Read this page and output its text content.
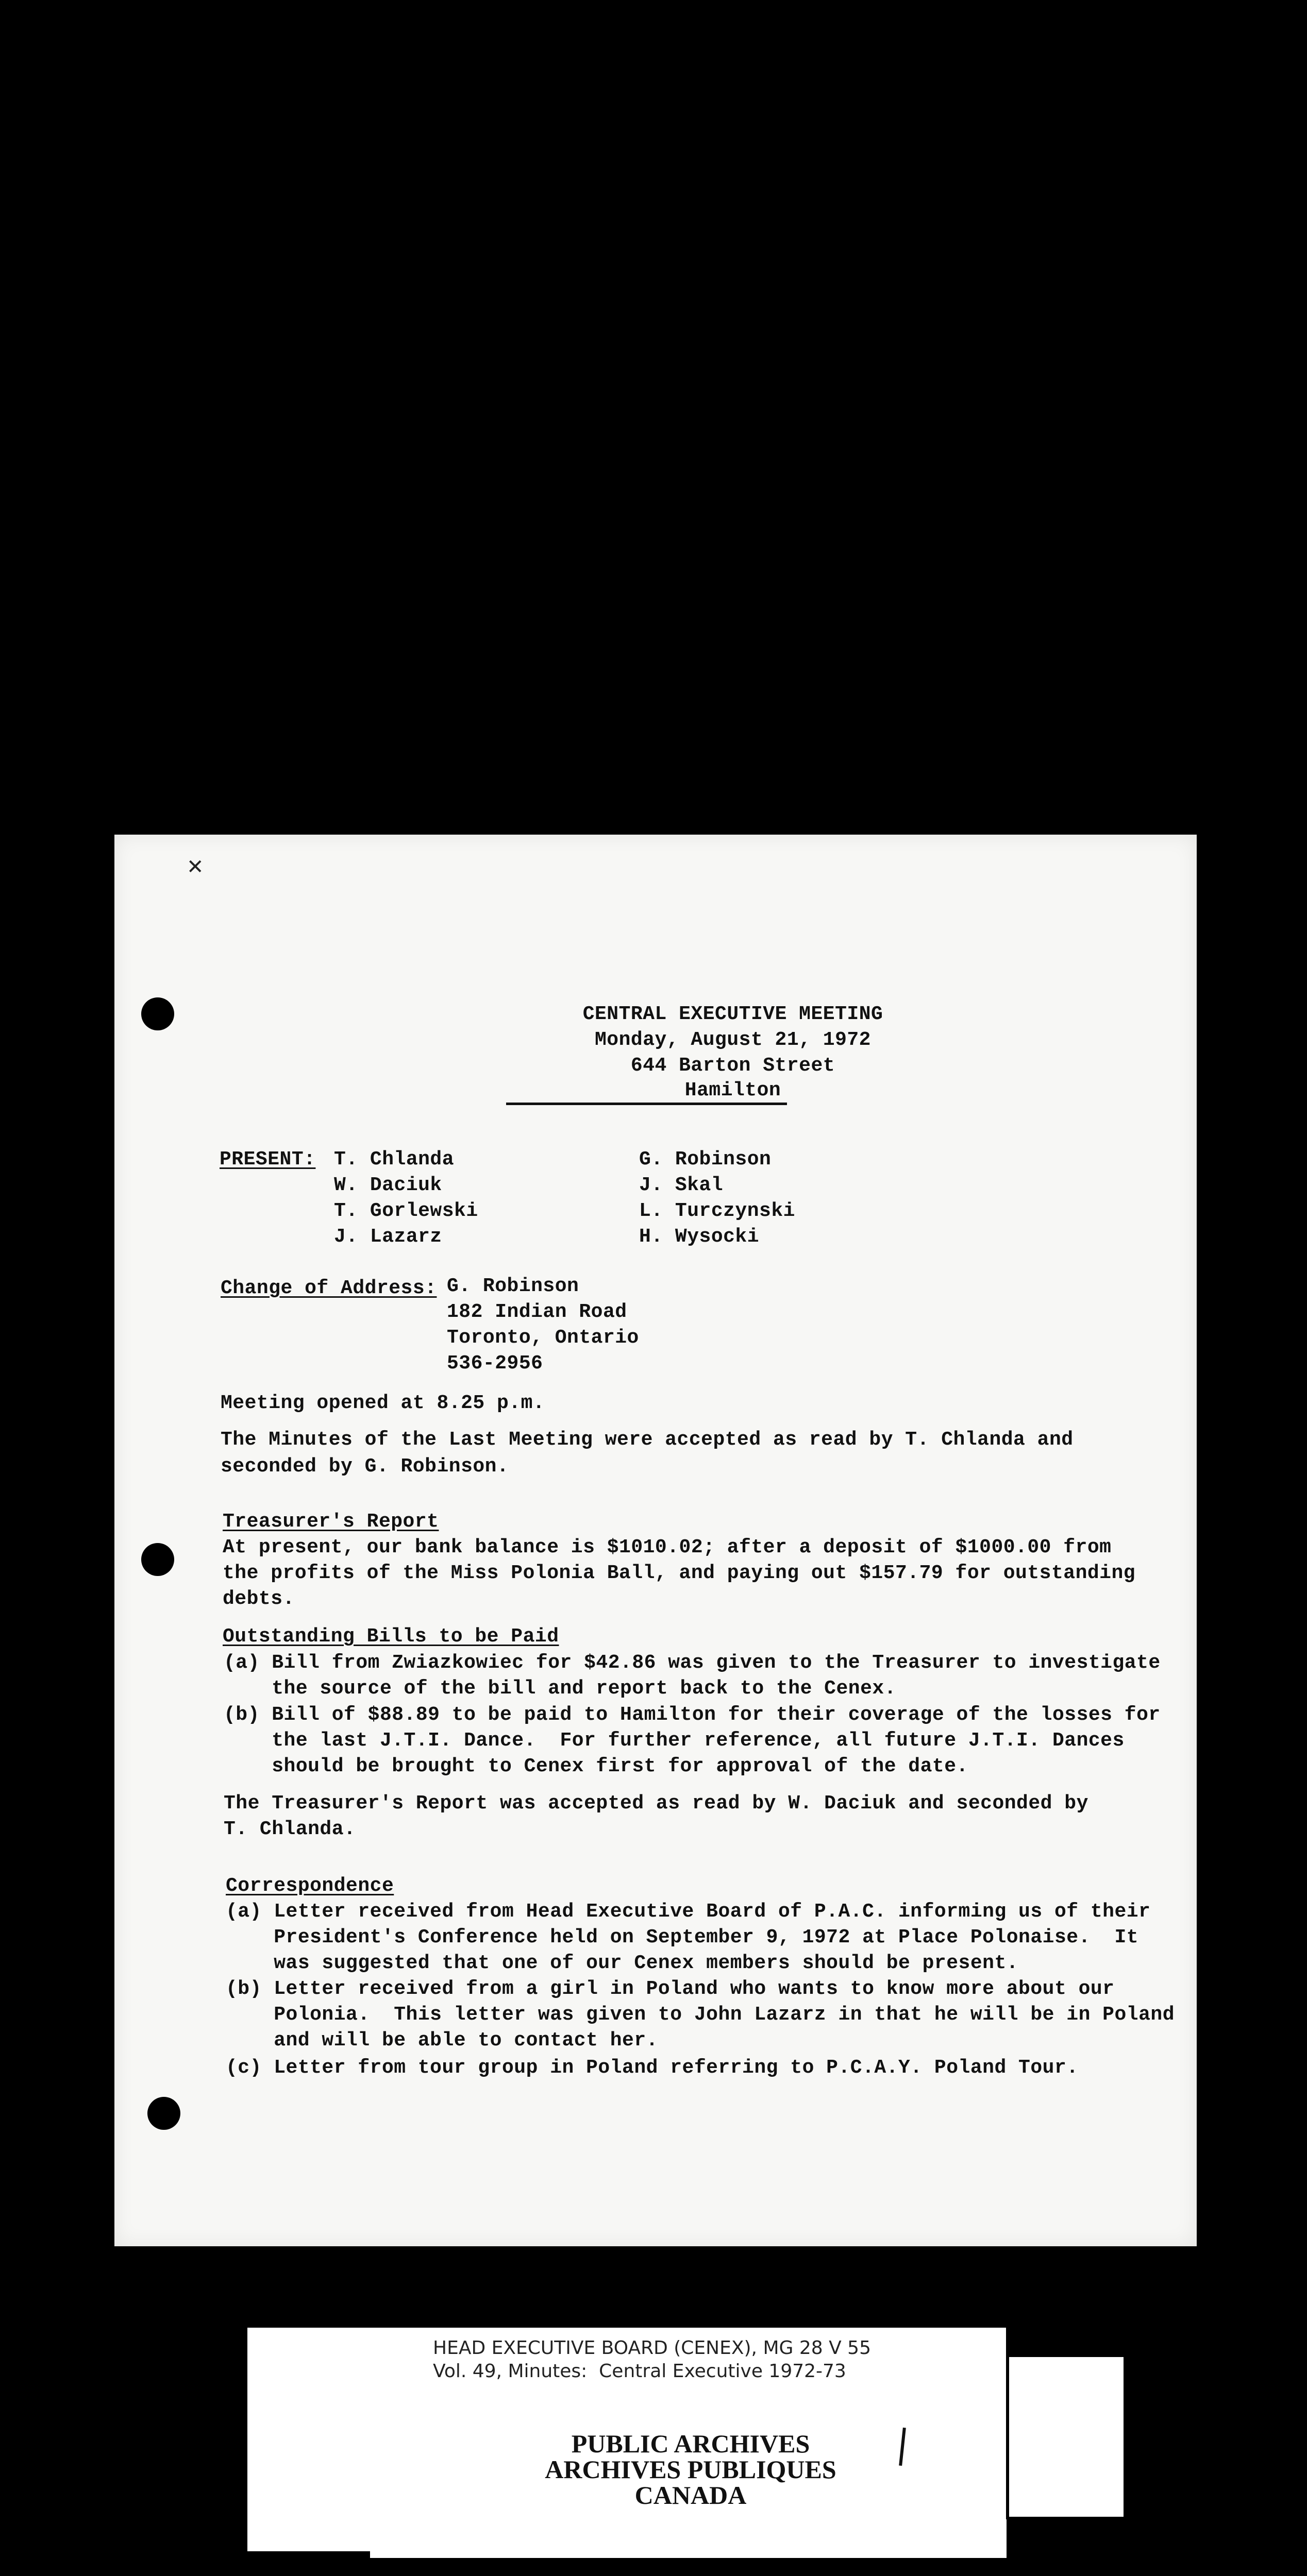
✕
CENTRAL EXECUTIVE MEETING
Monday, August 21, 1972
644 Barton Street
Hamilton
PRESENT: T. Chlanda
W. Daciuk
T. Gorlewski
J. Lazarz
G. Robinson
J. Skal
L. Turczynski
H. Wysocki
Change of Address: G. Robinson
182 Indian Road
Toronto, Ontario
536-2956
Meeting opened at 8.25 p.m.
The Minutes of the Last Meeting were accepted as read by T. Chlanda and
seconded by G. Robinson.
Treasurer's Report
At present, our bank balance is $1010.02; after a deposit of $1000.00 from
the profits of the Miss Polonia Ball, and paying out $157.79 for outstanding
debts.
Outstanding Bills to be Paid
(a) Bill from Zwiazkowiec for $42.86 was given to the Treasurer to investigate
the source of the bill and report back to the Cenex.
(b) Bill of $88.89 to be paid to Hamilton for their coverage of the losses for
the last J.T.I. Dance.  For further reference, all future J.T.I. Dances
should be brought to Cenex first for approval of the date.
The Treasurer's Report was accepted as read by W. Daciuk and seconded by
T. Chlanda.
Correspondence
(a) Letter received from Head Executive Board of P.A.C. informing us of their
President's Conference held on September 9, 1972 at Place Polonaise.  It
was suggested that one of our Cenex members should be present.
(b) Letter received from a girl in Poland who wants to know more about our
Polonia.  This letter was given to John Lazarz in that he will be in Poland
and will be able to contact her.
(c) Letter from tour group in Poland referring to P.C.A.Y. Poland Tour.
HEAD EXECUTIVE BOARD (CENEX), MG 28 V 55
Vol. 49, Minutes:  Central Executive 1972-73
PUBLIC ARCHIVES
ARCHIVES PUBLIQUES
CANADA
